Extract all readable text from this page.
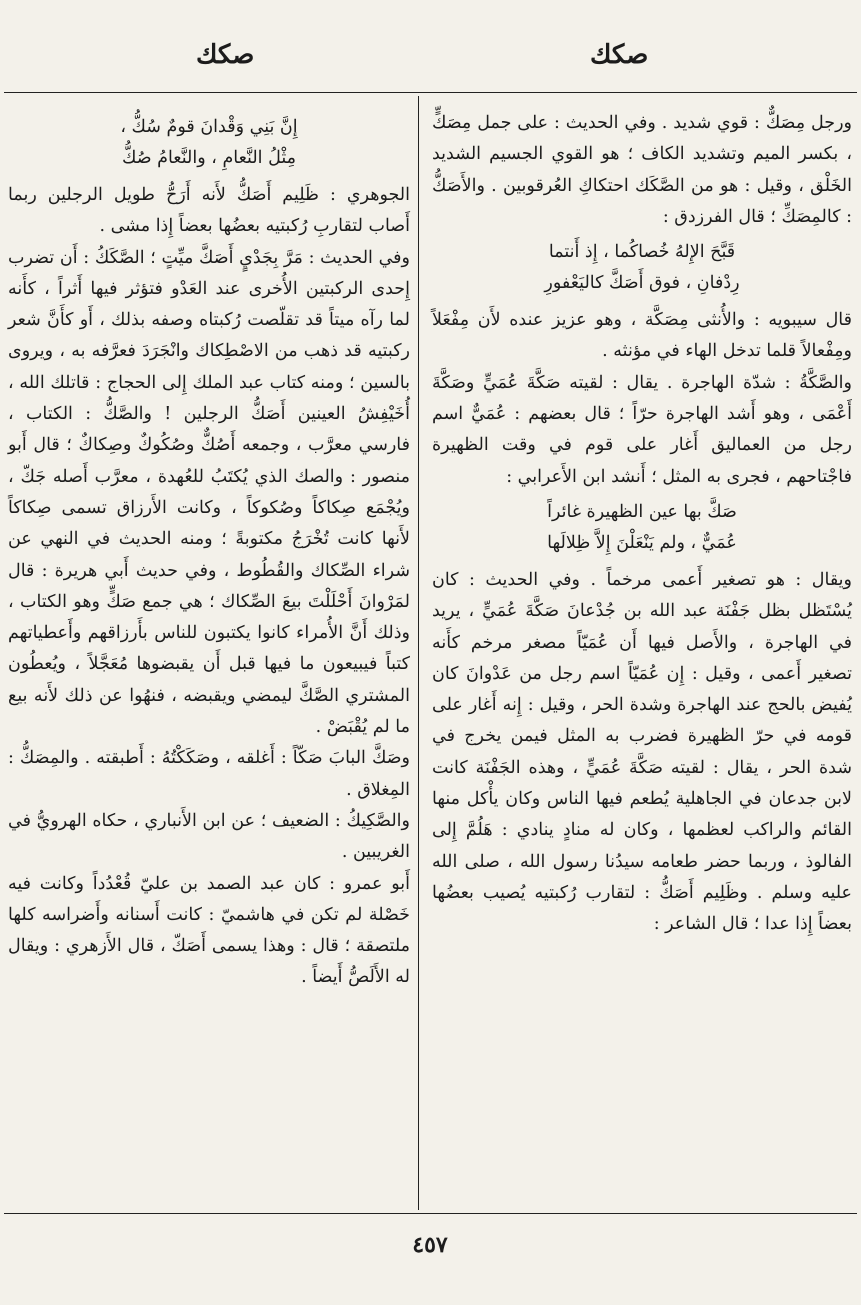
صكك
صكك

ورجل مِصَكٌّ : قوي شديد . وفي الحديث : على جمل مِصَكٍّ ، بكسر الميم وتشديد الكاف ؛ هو القوي الجسيم الشديد الخَلْق ، وقيل : هو من الصَّكَك احتكاكِ العُرقوبين . والأَصَكُّ : كالمِصَكِّ ؛ قال الفرزدق :

قَبَّحَ الإِلهُ خُصاكُما ، إِذ أَنتما
رِدْفانِ ، فوق أَصَكَّ كاليَعْفورِ

قال سيبويه : والأُنثى مِصَكَّة ، وهو عزيز عنده لأَن مِفْعَلاً ومِفْعالاً قلما تدخل الهاء في مؤنثه .

والصَّكَّةُ : شدّة الهاجرة . يقال : لقيته صَكَّةَ عُمَيٍّ وصَكَّةَ أَعْمَى ، وهو أَشد الهاجرة حرّاً ؛ قال بعضهم : عُمَيٌّ اسم رجل من العماليق أَغار على قوم في وقت الظهيرة فاجْتاحهم ، فجرى به المثل ؛ أَنشد ابن الأَعرابي :

صَكَّ بها عين الظهيرة غائراً
عُمَيٌّ ، ولم يَنْعَلْنَ إِلاَّ ظِلالَها

ويقال : هو تصغير أَعمى مرخماً . وفي الحديث : كان يُسْتَظل بظل جَفْنَة عبد الله بن جُدْعانَ صَكَّةَ عُمَيٍّ ، يريد في الهاجرة ، والأَصل فيها أَن عُمَيّاً مصغر مرخم كأَنه تصغير أَعمى ، وقيل : إِن عُمَيّاً اسم رجل من عَدْوانَ كان يُفيض بالحج عند الهاجرة وشدة الحر ، وقيل : إِنه أَغار على قومه في حرّ الظهيرة فضرب به المثل فيمن يخرج في شدة الحر ، يقال : لقيته صَكَّةَ عُمَيٍّ ، وهذه الجَفْنَة كانت لابن جدعان في الجاهلية يُطعم فيها الناس وكان يأْكل منها القائم والراكب لعظمها ، وكان له منادٍ ينادي : هَلُمَّ إِلى الفالوذ ، وربما حضر طعامه سيدُنا رسول الله ، صلى الله عليه وسلم . وظَلِيم أَصَكُّ : لتقارب رُكبتيه يُصيب بعضُها بعضاً إِذا عدا ؛ قال الشاعر :

إِنَّ بَنِي وَقْدانَ قومٌ سُكُّ ،
مِثْلُ النَّعامِ ، والنَّعامُ صُكُّ

الجوهري : ظَلِيم أَصَكُّ لأَنه أَرَحُّ طويل الرجلين ربما أَصاب لتقاربِ رُكبتيه بعضُها بعضاً إِذا مشى .

وفي الحديث : مَرَّ بِجَدْيٍ أَصَكَّ ميِّتٍ ؛ الصَّكَكُ : أَن تضرب إِحدى الركبتين الأُخرى عند العَدْو فتؤثر فيها أَثراً ، كأَنه لما رآه ميتاً قد تقلّصت رُكبتاه وصفه بذلك ، أَو كأَنَّ شعر ركبتيه قد ذهب من الاصْطِكاك وانْجَرَدَ فعرَّفه به ، ويروى بالسين ؛ ومنه كتاب عبد الملك إِلى الحجاج : قاتلك الله ، أُخَيْفِشُ العينين أَصَكُّ الرجلين ! والصَّكُّ : الكتاب ، فارسي معرَّب ، وجمعه أَصُكٌّ وصُكُوكٌ وصِكاكٌ ؛ قال أَبو منصور : والصك الذي يُكتَبُ للعُهدة ، معرَّب أَصله جَكّ ، ويُجْمَع صِكاكاً وصُكوكاً ، وكانت الأَرزاق تسمى صِكاكاً لأَنها كانت تُخْرَجُ مكتوبةً ؛ ومنه الحديث في النهي عن شراء الصِّكاك والقُطُوط ، وفي حديث أَبي هريرة : قال لمَرْوانَ أَحْلَلْتَ بيعَ الصِّكاك ؛ هي جمع صَكٍّ وهو الكتاب ، وذلك أَنَّ الأُمراء كانوا يكتبون للناس بأَرزاقهم وأَعطياتهم كتباً فيبيعون ما فيها قبل أَن يقبضوها مُعَجَّلاً ، ويُعطُون المشتري الصَّكَّ ليمضي ويقبضه ، فنهُوا عن ذلك لأَنه بيع ما لم يُقْبَضْ .

وصَكَّ البابَ صَكّاً : أَغلقه ، وصَكَكْتُهُ : أَطبقته . والمِصَكُّ : المِغلاق .

والصَّكِيكُ : الضعيف ؛ عن ابن الأَنباري ، حكاه الهرويُّ في الغريبين .

أَبو عمرو : كان عبد الصمد بن عليّ قُعْدُداً وكانت فيه خَصْلة لم تكن في هاشميّ : كانت أَسنانه وأَضراسه كلها ملتصقة ؛ قال : وهذا يسمى أَصَكّ ، قال الأَزهري : ويقال له الأَلَصُّ أَيضاً .

٤٥٧
